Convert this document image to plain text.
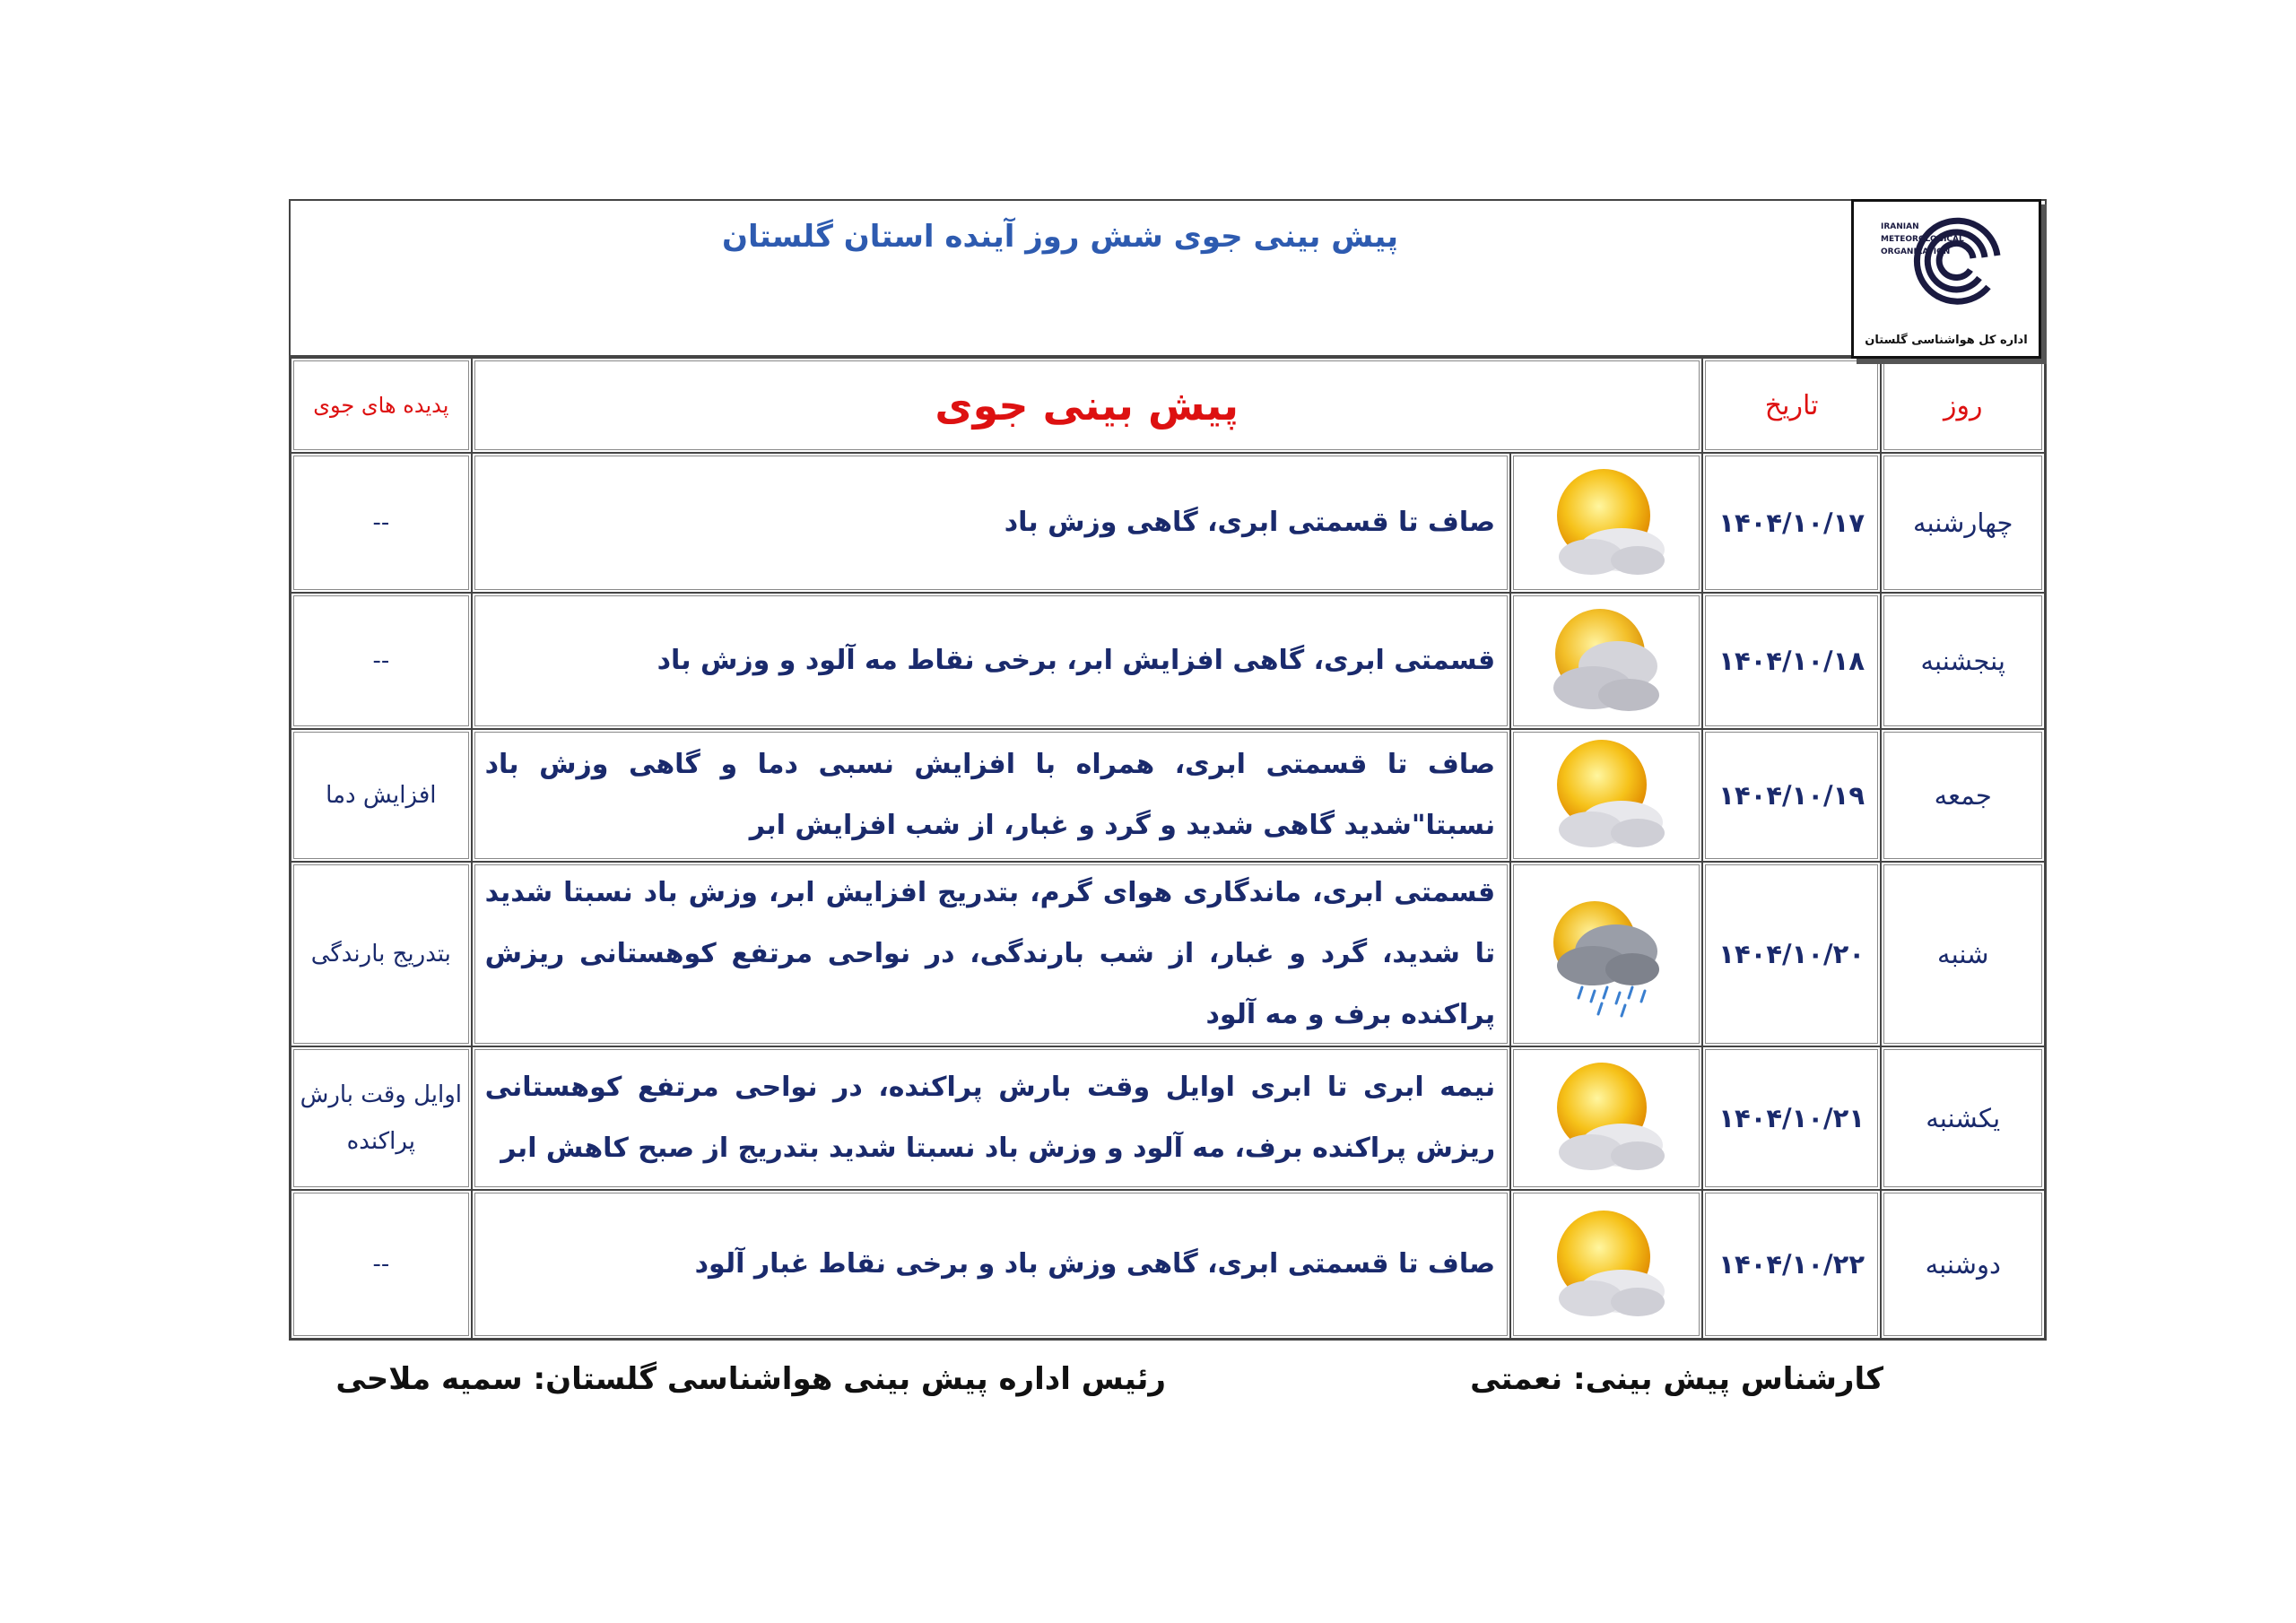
پیش بینی جوی شش روز آینده استان گلستان	IRANIAN
METEOROLOGICAL
ORGANIZATION
اداره کل هواشناسی گلستان
پدیده های جوی	پیش بینی جوی		تاریخ	روز
--	صاف تا قسمتی ابری، گاهی وزش باد		۱۴۰۴/۱۰/۱۷	چهارشنبه
--	قسمتی ابری، گاهی افزایش ابر، برخی نقاط مه آلود و وزش باد		۱۴۰۴/۱۰/۱۸	پنجشنبه
افزایش دما	صاف تا قسمتی ابری، همراه با افزایش نسبی دما و گاهی وزش باد نسبتا"شدید گاهی شدید و گرد و غبار، از شب افزایش ابر		۱۴۰۴/۱۰/۱۹	جمعه
بتدریج بارندگی	قسمتی ابری، ماندگاری هوای گرم، بتدریج افزایش ابر، وزش باد نسبتا شدید تا شدید، گرد و غبار، از شب بارندگی، در نواحی مرتفع کوهستانی ریزش پراکنده برف و مه آلود		۱۴۰۴/۱۰/۲۰	شنبه
اوایل وقت بارش پراکنده	نیمه ابری تا ابری اوایل وقت بارش پراکنده، در نواحی مرتفع کوهستانی ریزش پراکنده برف، مه آلود و وزش باد نسبتا شدید بتدریج از صبح کاهش ابر		۱۴۰۴/۱۰/۲۱	یکشنبه
--	صاف تا قسمتی ابری، گاهی وزش باد و برخی نقاط غبار آلود		۱۴۰۴/۱۰/۲۲	دوشنبه
کارشناس پیش بینی: نعمتی
رئیس اداره پیش بینی هواشناسی گلستان: سمیه ملاحی
